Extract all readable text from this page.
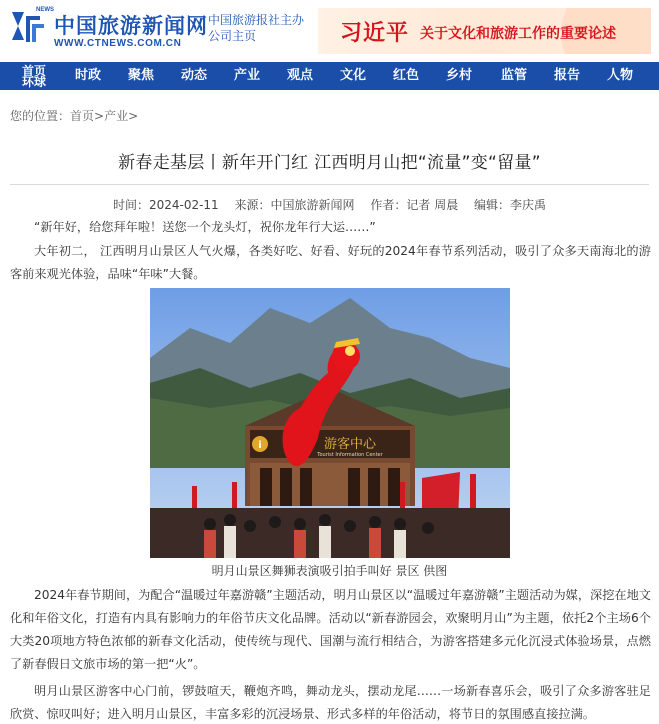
NEWS
中国旅游新闻网
WWW.CTNEWS.COM.CN
中国旅游报社主办公司主页	习近平 关于文化和旅游工作的重要论述
首页 环球	时政	聚焦	动态	产业	观点	文化	红色	乡村	监管	报告	人物
您的位置：首页>产业>
新春走基层丨新年开门红 江西明月山把“流量”变“留量”
时间：2024-02-11 来源：中国旅游新闻网 作者：记者 周晨 编辑：李庆禹

“新年好，给您拜年啦！送您一个龙头灯，祝你龙年行大运……”

大年初二， 江西明月山景区人气火爆，各类好吃、好看、好玩的2024年春节系列活动，吸引了众多天南海北的游客前来观光体验，品味“年味”大餐。

i	游客中心
Tourist Information Center
明月山景区舞狮表演吸引拍手叫好 景区 供图

2024年春节期间，为配合“温暖过年嘉游赣”主题活动，明月山景区以“温暖过年嘉游赣”主题活动为媒，深挖在地文化和年俗文化，打造有内具有影响力的年俗节庆文化品牌。活动以“新春游园会，欢聚明月山”为主题，依托2个主场6个大类20项地方特色浓郁的新春文化活动，使传统与现代、国潮与流行相结合，为游客搭建多元化沉浸式体验场景，点燃了新春假日文旅市场的第一把“火”。

明月山景区游客中心门前，锣鼓喧天，鞭炮齐鸣，舞动龙头，摆动龙尾……一场新春喜乐会，吸引了众多游客驻足欣赏、惊叹叫好；进入明月山景区，丰富多彩的沉浸场景、形式多样的年俗活动，将节日的氛围感直接拉满。
